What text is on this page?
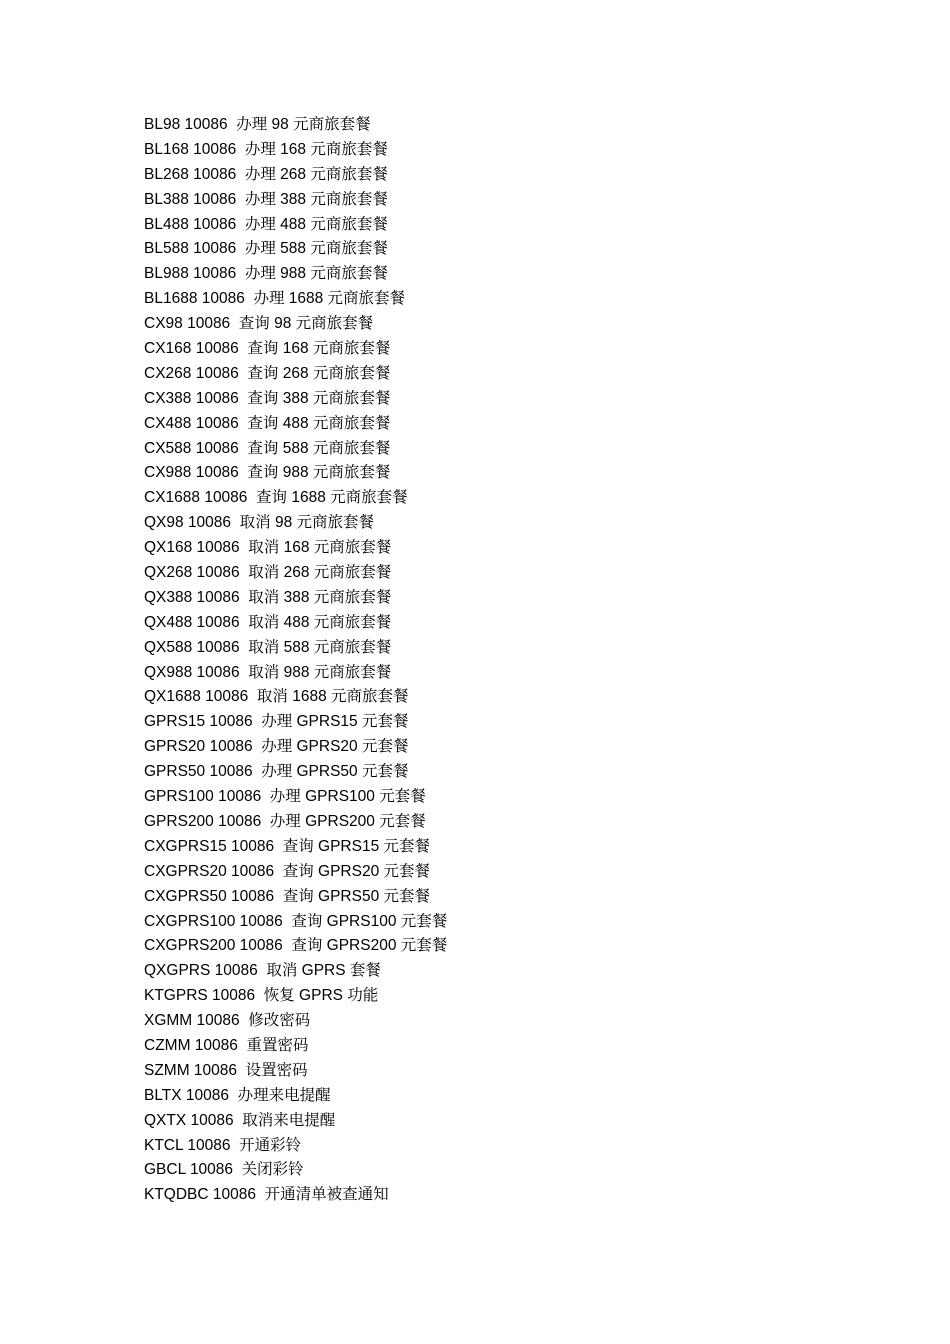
BL98 10086  办理 98 元商旅套餐
BL168 10086  办理 168 元商旅套餐
BL268 10086  办理 268 元商旅套餐
BL388 10086  办理 388 元商旅套餐
BL488 10086  办理 488 元商旅套餐
BL588 10086  办理 588 元商旅套餐
BL988 10086  办理 988 元商旅套餐
BL1688 10086  办理 1688 元商旅套餐
CX98 10086  查询 98 元商旅套餐
CX168 10086  查询 168 元商旅套餐
CX268 10086  查询 268 元商旅套餐
CX388 10086  查询 388 元商旅套餐
CX488 10086  查询 488 元商旅套餐
CX588 10086  查询 588 元商旅套餐
CX988 10086  查询 988 元商旅套餐
CX1688 10086  查询 1688 元商旅套餐
QX98 10086  取消 98 元商旅套餐
QX168 10086  取消 168 元商旅套餐
QX268 10086  取消 268 元商旅套餐
QX388 10086  取消 388 元商旅套餐
QX488 10086  取消 488 元商旅套餐
QX588 10086  取消 588 元商旅套餐
QX988 10086  取消 988 元商旅套餐
QX1688 10086  取消 1688 元商旅套餐
GPRS15 10086  办理 GPRS15 元套餐
GPRS20 10086  办理 GPRS20 元套餐
GPRS50 10086  办理 GPRS50 元套餐
GPRS100 10086  办理 GPRS100 元套餐
GPRS200 10086  办理 GPRS200 元套餐
CXGPRS15 10086  查询 GPRS15 元套餐
CXGPRS20 10086  查询 GPRS20 元套餐
CXGPRS50 10086  查询 GPRS50 元套餐
CXGPRS100 10086  查询 GPRS100 元套餐
CXGPRS200 10086  查询 GPRS200 元套餐
QXGPRS 10086  取消 GPRS 套餐
KTGPRS 10086  恢复 GPRS 功能
XGMM 10086  修改密码
CZMM 10086  重置密码
SZMM 10086  设置密码
BLTX 10086  办理来电提醒
QXTX 10086  取消来电提醒
KTCL 10086  开通彩铃
GBCL 10086  关闭彩铃
KTQDBC 10086  开通清单被查通知
